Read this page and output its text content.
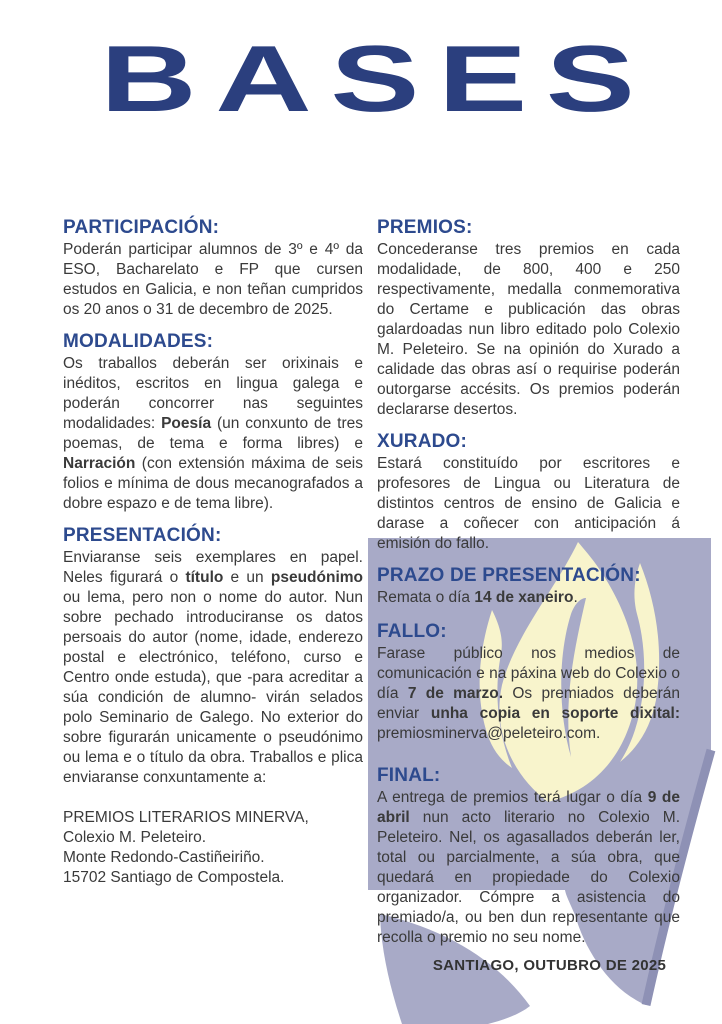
BASES
PARTICIPACIÓN:

Poderán participar alumnos de 3º e 4º da ESO, Bacharelato e FP que cursen estudos en Galicia, e non teñan cumpridos os 20 anos o 31 de decembro de 2025.

MODALIDADES:

Os traballos deberán ser orixinais e inéditos, escritos en lingua galega e poderán concorrer nas seguintes modalidades: Poesía (un conxunto de tres poemas, de tema e forma libres) e Narración (con extensión máxima de seis folios e mínima de dous mecanografados a dobre espazo e de tema libre).

PRESENTACIÓN:

Enviaranse seis exemplares en papel. Neles figurará o título e un pseudónimo ou lema, pero non o nome do autor. Nun sobre pechado introduciranse os datos persoais do autor (nome, idade, enderezo postal e electrónico, teléfono, curso e Centro onde estuda), que -para acreditar a súa condición de alumno- virán selados polo Seminario de Galego. No exterior do sobre figurarán unicamente o pseudónimo ou lema e o título da obra. Traballos e plica enviaranse conxuntamente a:

PREMIOS LITERARIOS MINERVA,

Colexio M. Peleteiro.

Monte Redondo-Castiñeiriño.

15702 Santiago de Compostela.

PREMIOS:

Concederanse tres premios en cada modalidade, de 800, 400 e 250 respectivamente, medalla conmemorativa do Certame e publicación das obras galardoadas nun libro editado polo Colexio M. Peleteiro. Se na opinión do Xurado a calidade das obras así o requirise poderán outorgarse accésits. Os premios poderán declararse desertos.

XURADO:

Estará constituído por escritores e profesores de Lingua ou Literatura de distintos centros de ensino de Galicia e darase a coñecer con anticipación á emisión do fallo.

PRAZO DE PRESENTACIÓN:

Remata o día 14 de xaneiro.

FALLO:

Farase público nos medios de comunicación e na páxina web do Colexio o día 7 de marzo. Os premiados deberán enviar unha copia en soporte dixital: premiosminerva@peleteiro.com.

FINAL:

A entrega de premios terá lugar o día 9 de abril nun acto literario no Colexio M. Peleteiro. Nel, os agasallados deberán ler, total ou parcialmente, a súa obra, que quedará en propiedade do Colexio organizador. Cómpre a asistencia do premiado/a, ou ben dun representante que recolla o premio no seu nome.

SANTIAGO, OUTUBRO DE 2025
